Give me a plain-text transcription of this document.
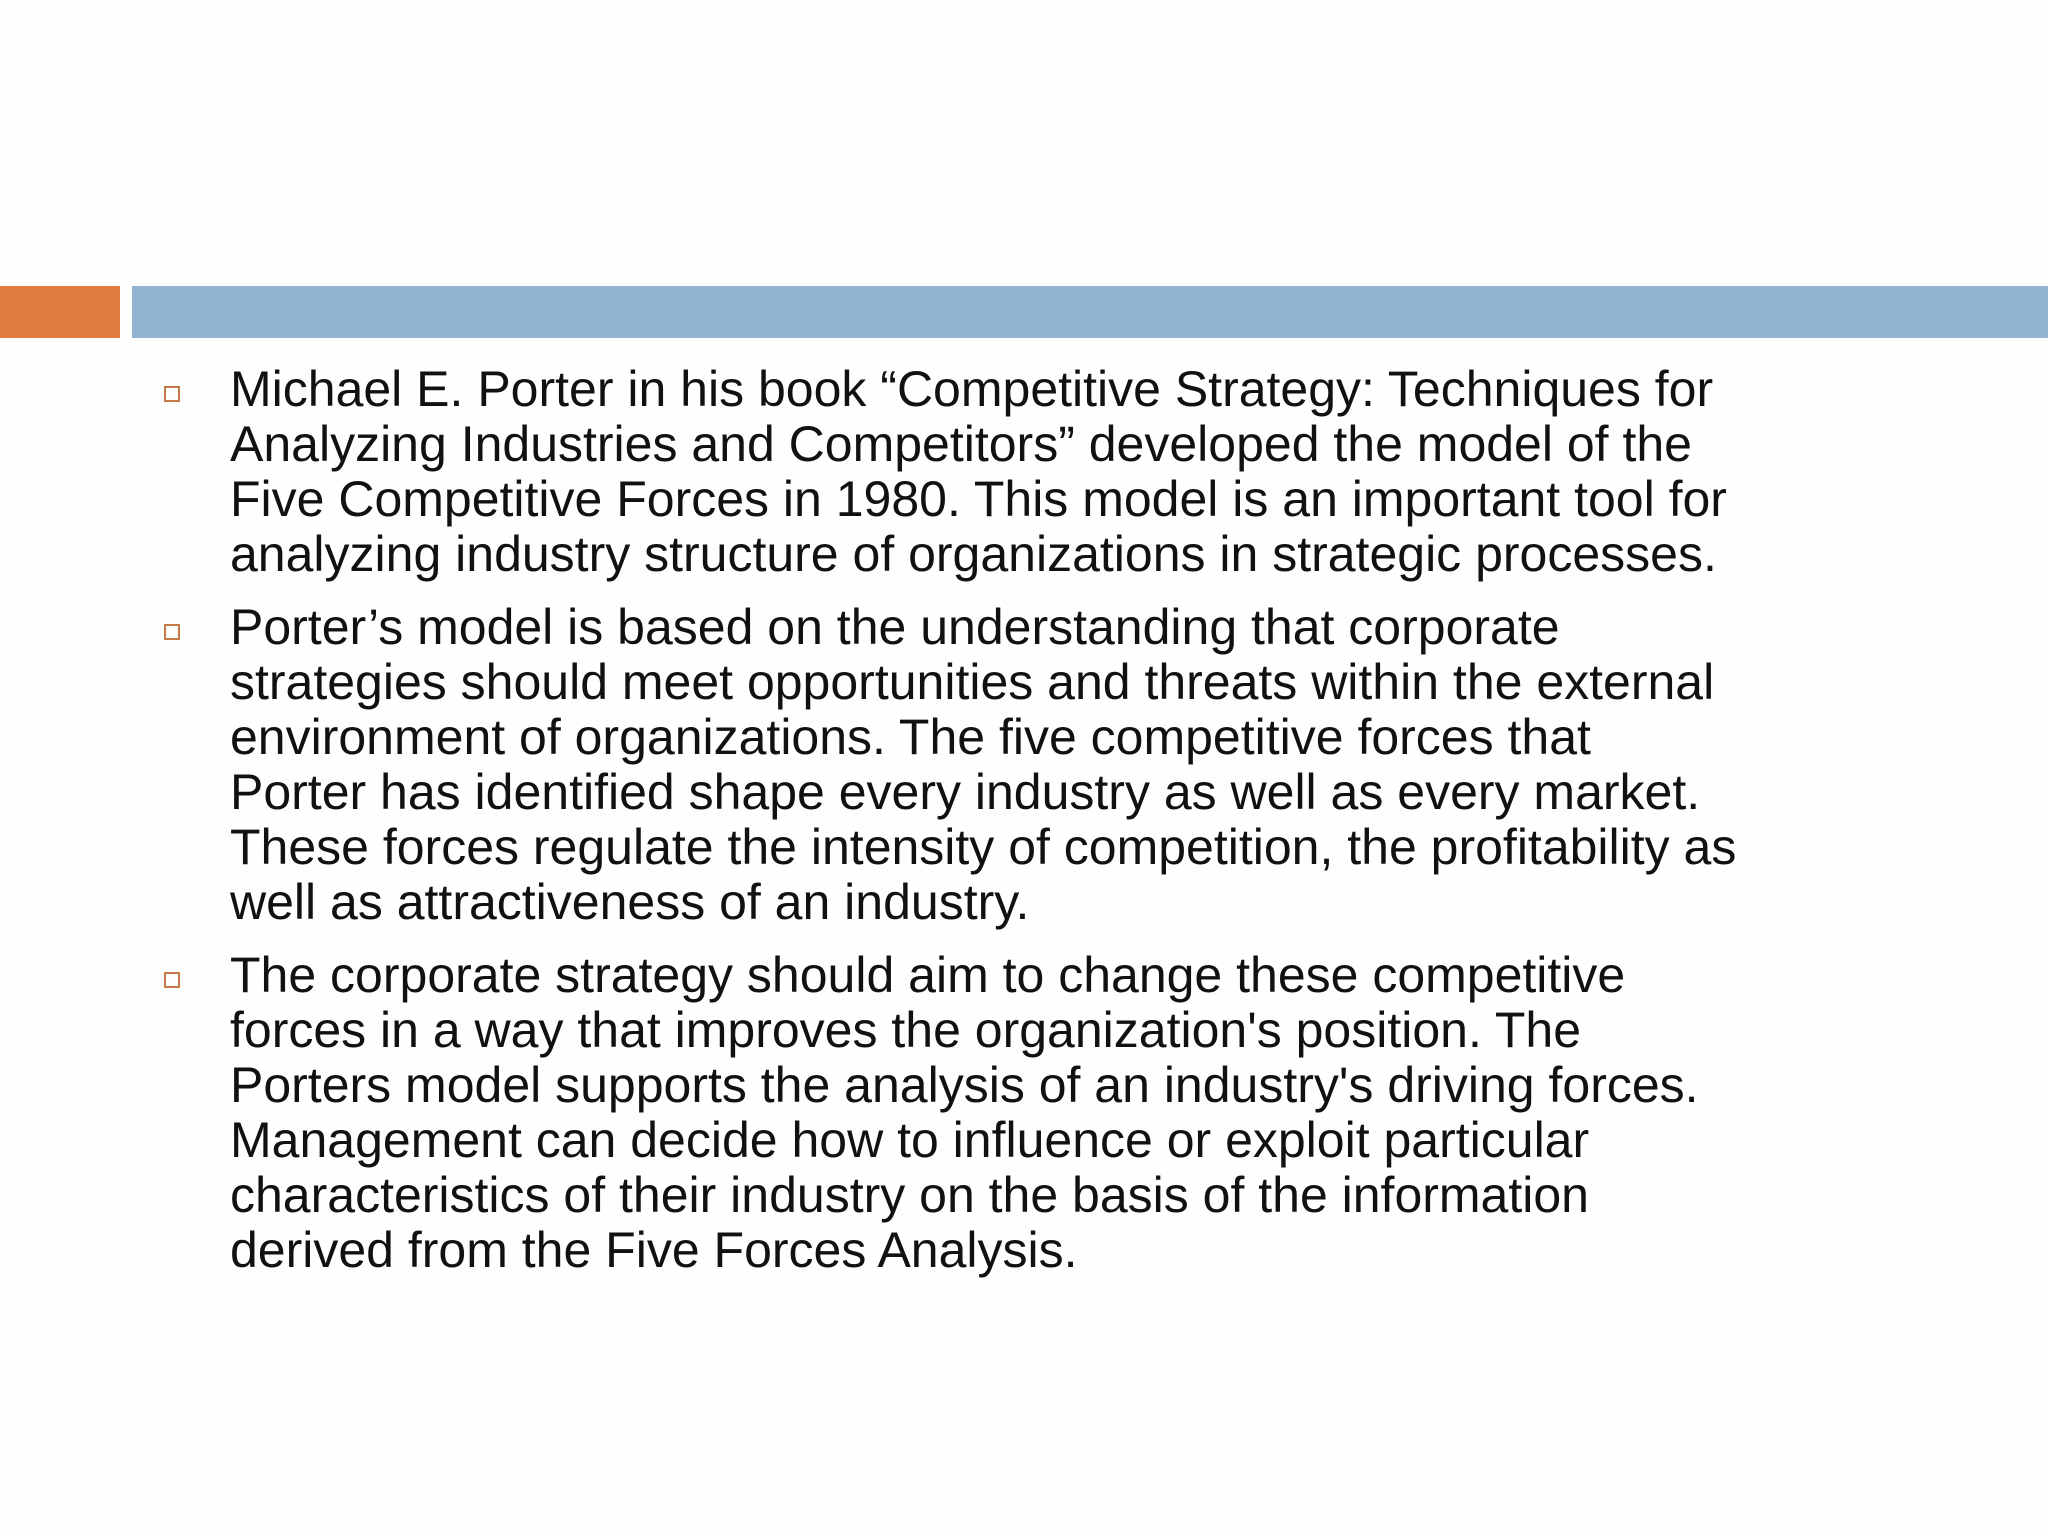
Michael E. Porter in his book “Competitive Strategy: Techniques for
Analyzing Industries and Competitors” developed the model of the
Five Competitive Forces in 1980. This model is an important tool for
analyzing industry structure of organizations in strategic processes.
Porter’s model is based on the understanding that corporate
strategies should meet opportunities and threats within the external
environment of organizations. The five competitive forces that
Porter has identified shape every industry as well as every market.
These forces regulate the intensity of competition, the profitability as
well as attractiveness of an industry.
The corporate strategy should aim to change these competitive
forces in a way that improves the organization's position. The
Porters model supports the analysis of an industry's driving forces.
Management can decide how to influence or exploit particular
characteristics of their industry on the basis of the information
derived from the Five Forces Analysis.
